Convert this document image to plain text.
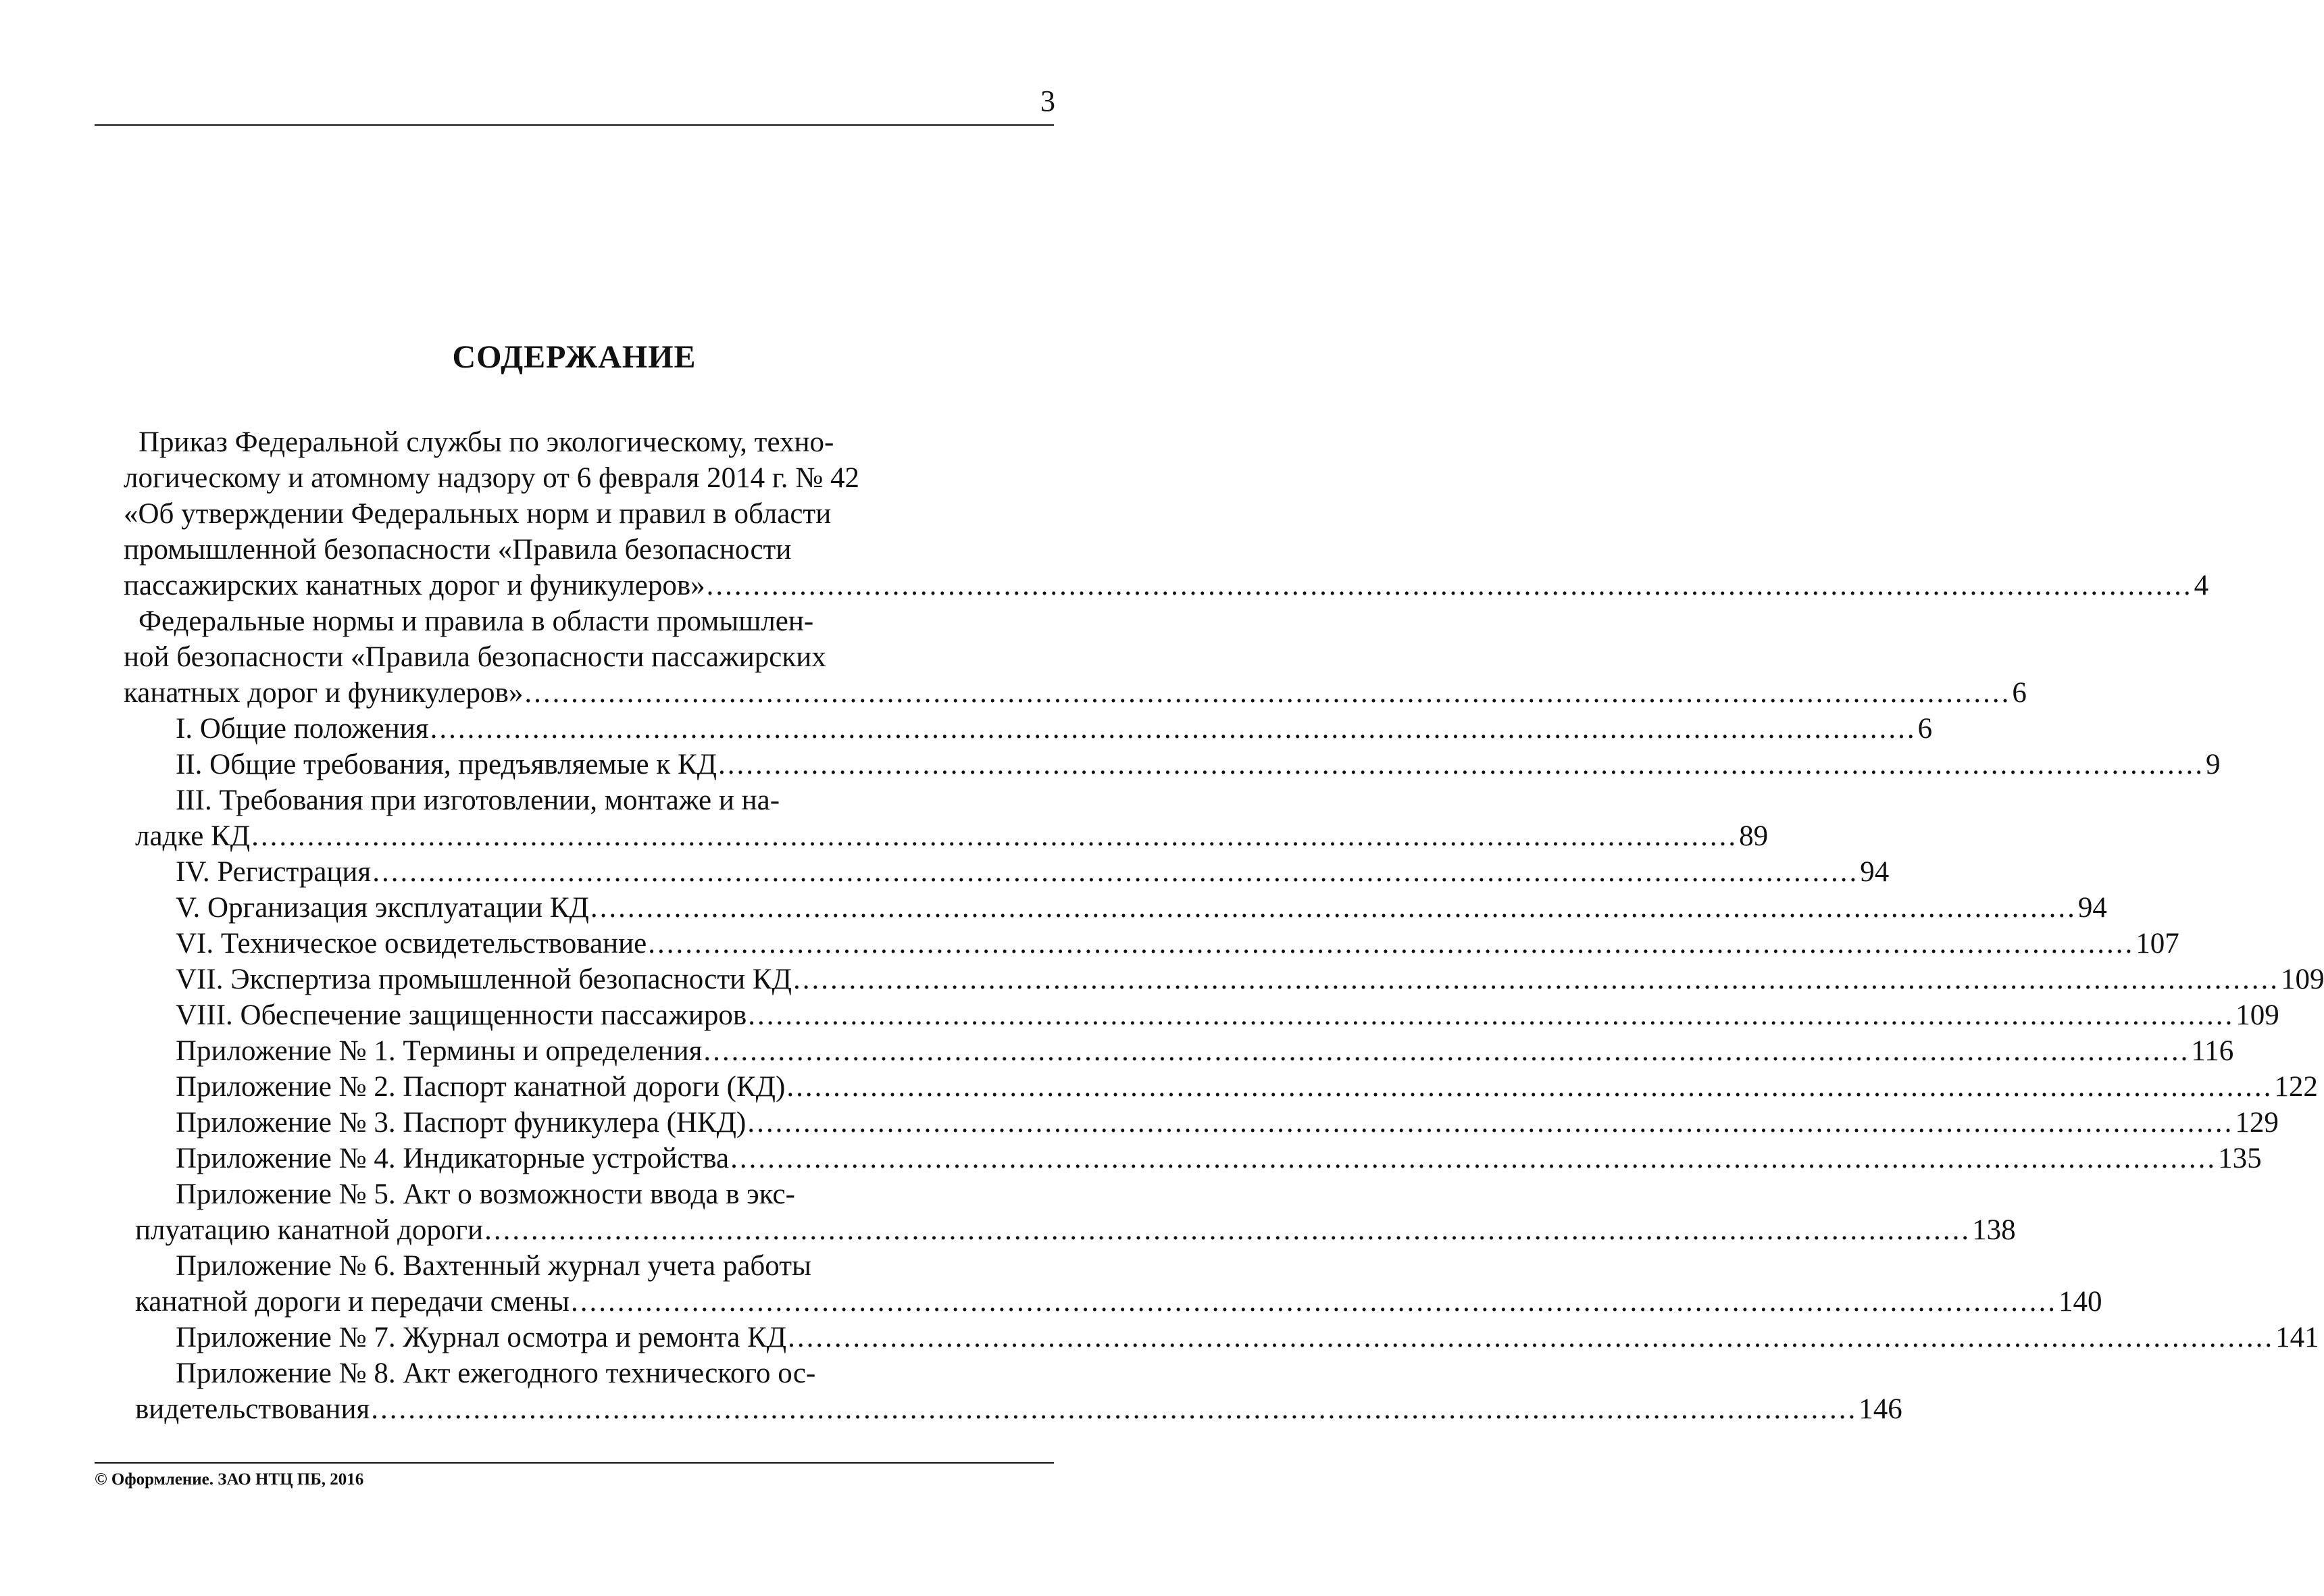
3
СОДЕРЖАНИЕ
Приказ Федеральной службы по экологическому, техно-
логическому и атомному надзору от 6 февраля 2014 г. № 42
«Об утверждении Федеральных норм и правил в области
промышленной безопасности «Правила безопасности
пассажирских канатных дорог и фуникулеров» ................................................................................................................................................................ 4
Федеральные нормы и правила в области промышлен-
ной безопасности «Правила безопасности пассажирских
канатных дорог и фуникулеров» ................................................................................................................................................................ 6
I. Общие положения ................................................................................................................................................................ 6
II. Общие требования, предъявляемые к КД ................................................................................................................................................................ 9
III. Требования при изготовлении, монтаже и на-
ладке КД ................................................................................................................................................................ 89
IV. Регистрация ................................................................................................................................................................ 94
V. Организация эксплуатации КД ................................................................................................................................................................ 94
VI. Техническое освидетельствование ................................................................................................................................................................ 107
VII. Экспертиза промышленной безопасности КД ................................................................................................................................................................ 109
VIII. Обеспечение защищенности пассажиров ................................................................................................................................................................ 109
Приложение № 1. Термины и определения ................................................................................................................................................................ 116
Приложение № 2. Паспорт канатной дороги (КД) ................................................................................................................................................................ 122
Приложение № 3. Паспорт фуникулера (НКД) ................................................................................................................................................................ 129
Приложение № 4. Индикаторные устройства ................................................................................................................................................................ 135
Приложение № 5. Акт о возможности ввода в экс-
плуатацию канатной дороги ................................................................................................................................................................ 138
Приложение № 6. Вахтенный журнал учета работы
канатной дороги и передачи смены ................................................................................................................................................................ 140
Приложение № 7. Журнал осмотра и ремонта КД ................................................................................................................................................................ 141
Приложение № 8. Акт ежегодного технического ос-
видетельствования ................................................................................................................................................................ 146
© Оформление. ЗАО НТЦ ПБ, 2016
